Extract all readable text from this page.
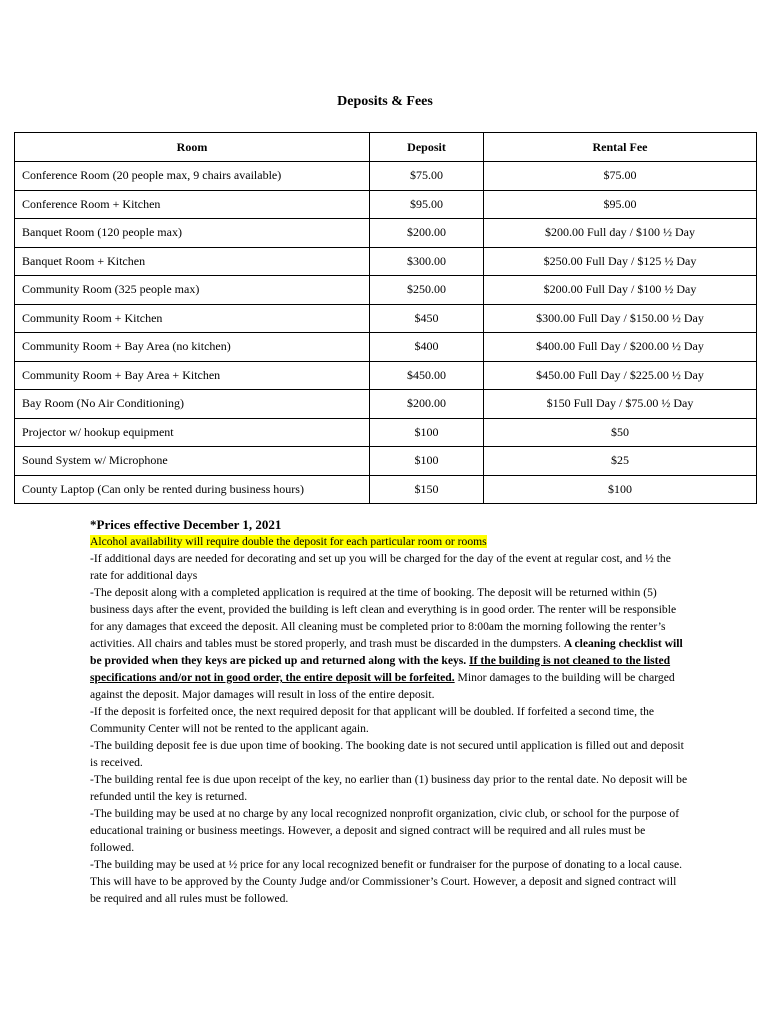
Deposits & Fees
Room	Deposit	Rental Fee
Conference Room (20 people max, 9 chairs available)	$75.00	$75.00
Conference Room + Kitchen	$95.00	$95.00
Banquet Room (120 people max)	$200.00	$200.00 Full day / $100 ½ Day
Banquet Room + Kitchen	$300.00	$250.00 Full Day / $125 ½ Day
Community Room (325 people max)	$250.00	$200.00 Full Day / $100 ½ Day
Community Room + Kitchen	$450	$300.00 Full Day / $150.00 ½ Day
Community Room + Bay Area (no kitchen)	$400	$400.00 Full Day / $200.00 ½ Day
Community Room + Bay Area + Kitchen	$450.00	$450.00 Full Day / $225.00 ½ Day
Bay Room (No Air Conditioning)	$200.00	$150 Full Day / $75.00 ½ Day
Projector w/ hookup equipment	$100	$50
Sound System w/ Microphone	$100	$25
County Laptop (Can only be rented during business hours)	$150	$100

*Prices effective December 1, 2021

Alcohol availability will require double the deposit for each particular room or rooms

-If additional days are needed for decorating and set up you will be charged for the day of the event at regular cost, and ½ the rate for additional days

-The deposit along with a completed application is required at the time of booking. The deposit will be returned within (5) business days after the event, provided the building is left clean and everything is in good order. The renter will be responsible for any damages that exceed the deposit. All cleaning must be completed prior to 8:00am the morning following the renter’s activities. All chairs and tables must be stored properly, and trash must be discarded in the dumpsters. A cleaning checklist will be provided when they keys are picked up and returned along with the keys. If the building is not cleaned to the listed specifications and/or not in good order, the entire deposit will be forfeited. Minor damages to the building will be charged against the deposit. Major damages will result in loss of the entire deposit.

-If the deposit is forfeited once, the next required deposit for that applicant will be doubled. If forfeited a second time, the Community Center will not be rented to the applicant again.

-The building deposit fee is due upon time of booking. The booking date is not secured until application is filled out and deposit is received.

-The building rental fee is due upon receipt of the key, no earlier than (1) business day prior to the rental date. No deposit will be refunded until the key is returned.

-The building may be used at no charge by any local recognized nonprofit organization, civic club, or school for the purpose of educational training or business meetings. However, a deposit and signed contract will be required and all rules must be followed.

-The building may be used at ½ price for any local recognized benefit or fundraiser for the purpose of donating to a local cause. This will have to be approved by the County Judge and/or Commissioner’s Court. However, a deposit and signed contract will be required and all rules must be followed.
